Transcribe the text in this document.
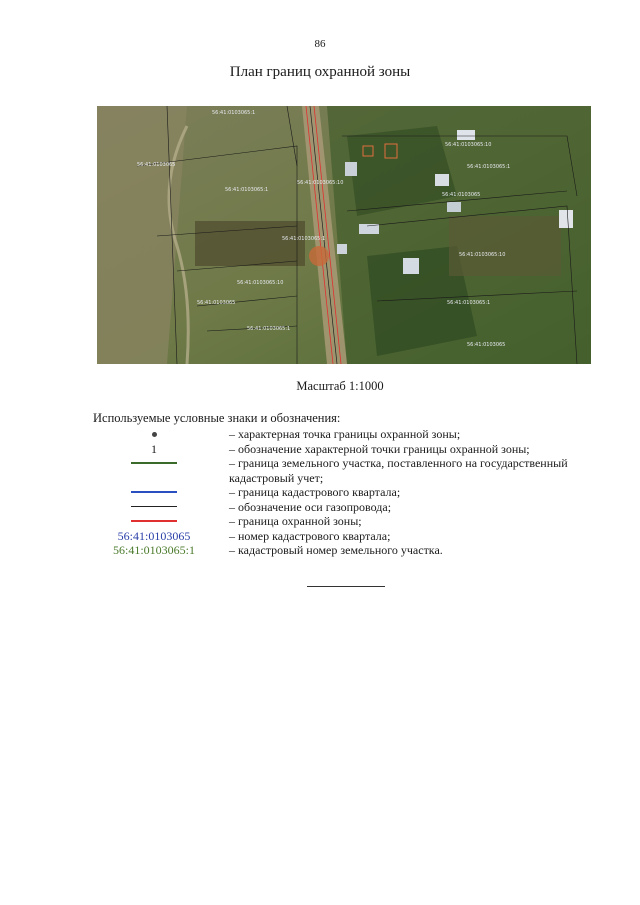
86
План границ охранной зоны
56:41:0103065:1
56:41:0103065
56:41:0103065:1
56:41:0103065:10
56:41:0103065:1
56:41:0103065:10
56:41:0103065
56:41:0103065:1
56:41:0103065:10
56:41:0103065:1
56:41:0103065
56:41:0103065:10
56:41:0103065:1
56:41:0103065
Масштаб 1:1000
Используемые условные знаки и обозначения:
– характерная точка границы охранной зоны;
1	– обозначение характерной точки границы охранной зоны;
– граница земельного участка, поставленного на государственный кадастровый учет;
– граница кадастрового квартала;
– обозначение оси газопровода;
– граница охранной зоны;
56:41:0103065	– номер кадастрового квартала;
56:41:0103065:1	– кадастровый номер земельного участка.
